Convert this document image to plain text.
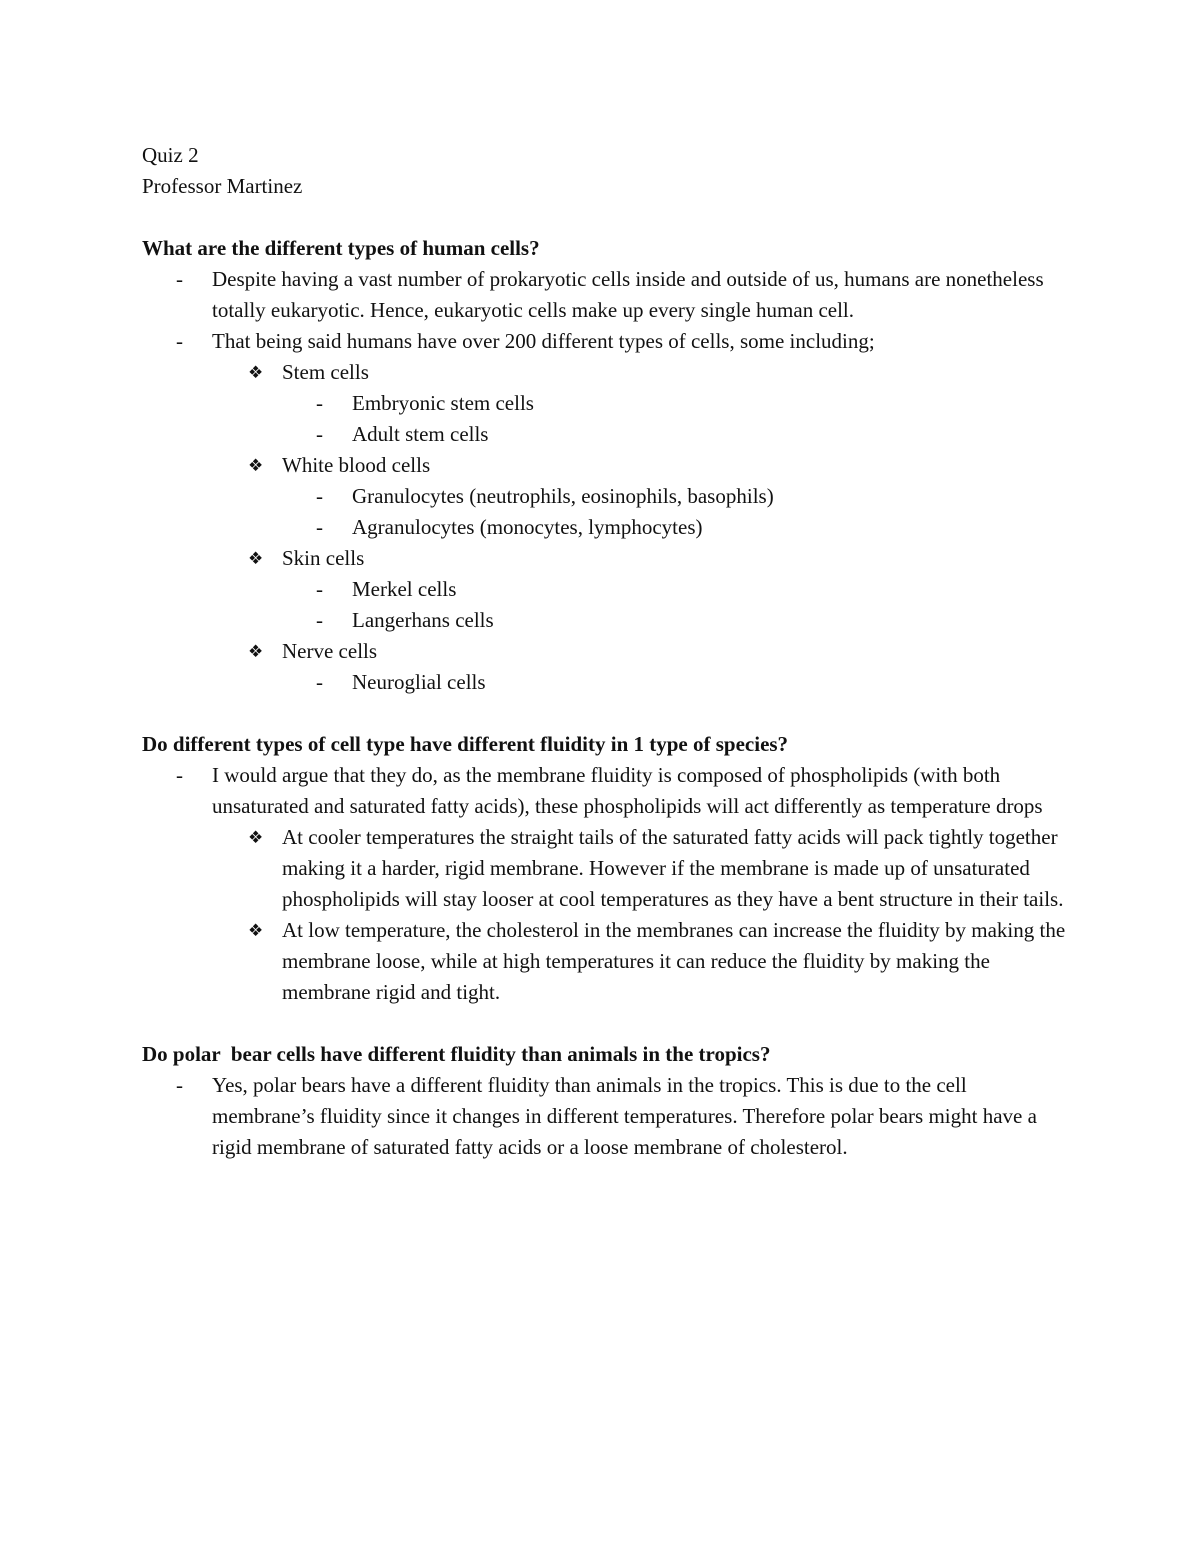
Quiz 2

Professor Martinez

What are the different types of human cells?

-	Despite having a vast number of prokaryotic cells inside and outside of us, humans are nonetheless totally eukaryotic. Hence, eukaryotic cells make up every single human cell.
-	That being said humans have over 200 different types of cells, some including;
❖ Stem cells
-	Embryonic stem cells
-	Adult stem cells
❖ White blood cells
-	Granulocytes (neutrophils, eosinophils, basophils)
-	Agranulocytes (monocytes, lymphocytes)
❖ Skin cells
-	Merkel cells
-	Langerhans cells
❖ Nerve cells
-	Neuroglial cells

Do different types of cell type have different fluidity in 1 type of species?

-	I would argue that they do, as the membrane fluidity is composed of phospholipids (with both unsaturated and saturated fatty acids), these phospholipids will act differently as temperature drops
❖ At cooler temperatures the straight tails of the saturated fatty acids will pack tightly together making it a harder, rigid membrane. However if the membrane is made up of unsaturated phospholipids will stay looser at cool temperatures as they have a bent structure in their tails.
❖ At low temperature, the cholesterol in the membranes can increase the fluidity by making the membrane loose, while at high temperatures it can reduce the fluidity by making the membrane rigid and tight.

Do polar  bear cells have different fluidity than animals in the tropics?

-	Yes, polar bears have a different fluidity than animals in the tropics. This is due to the cell membrane’s fluidity since it changes in different temperatures. Therefore polar bears might have a rigid membrane of saturated fatty acids or a loose membrane of cholesterol.
